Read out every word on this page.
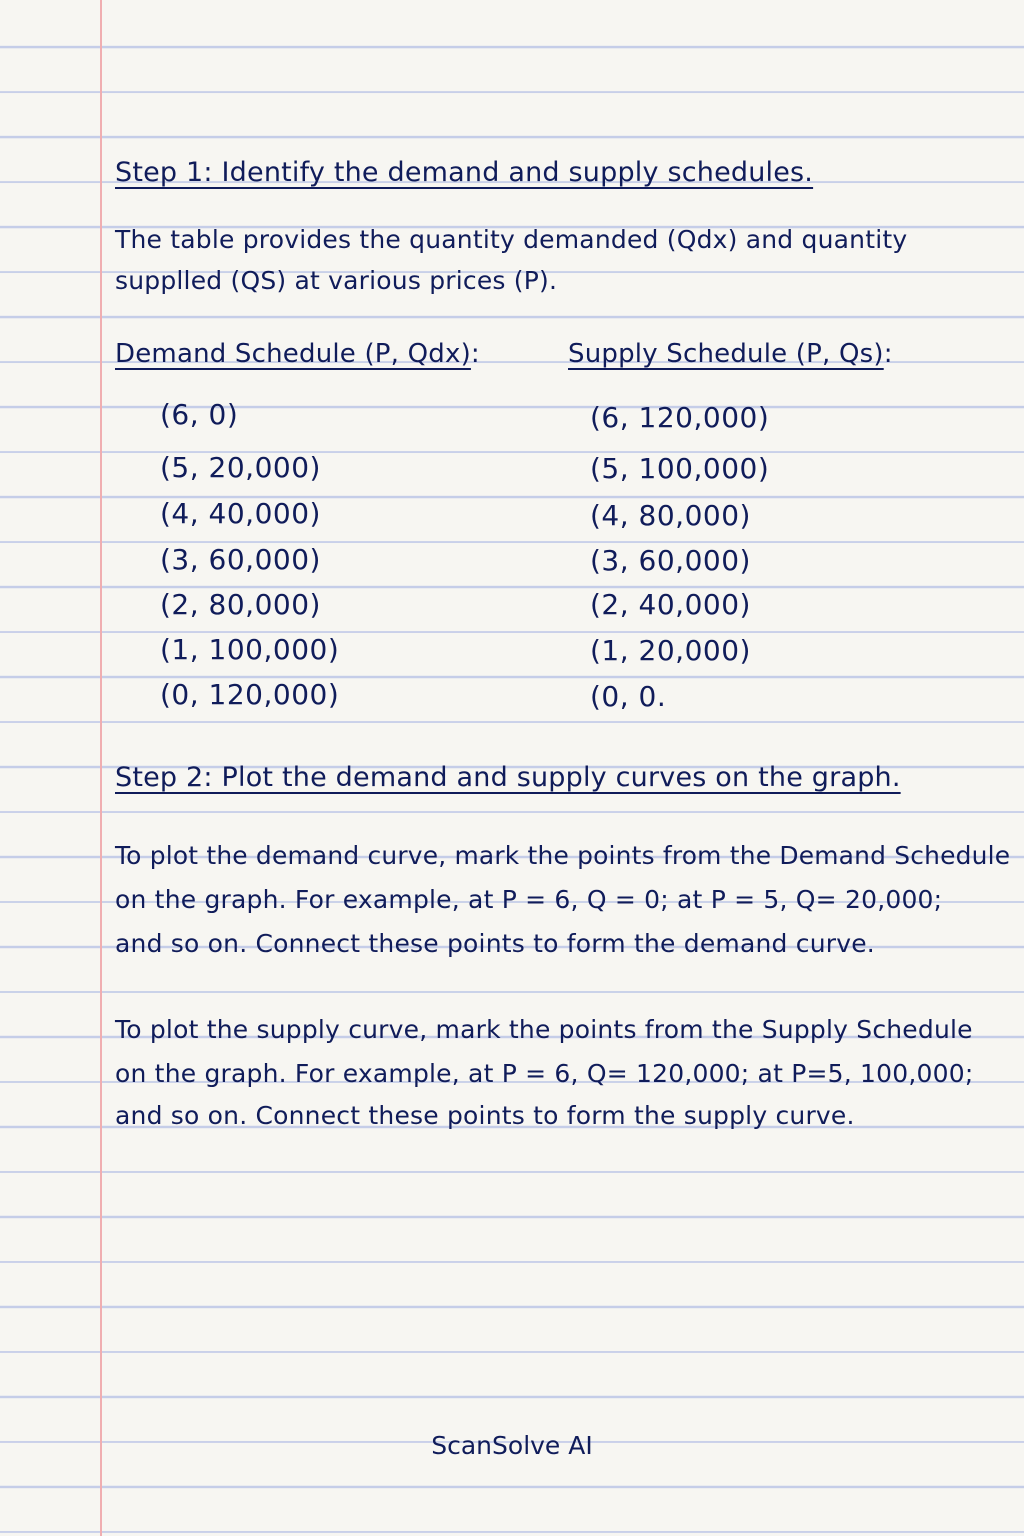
Step 1: Identify the demand and supply schedules.
The table provides the quantity demanded (Qdx) and quantity
supplled (QS) at various prices (P).
Demand Schedule (P, Qdx):	Supply Schedule (P, Qs):
(6, 0)
(5, 20,000)
(4, 40,000)
(3, 60,000)
(2, 80,000)
(1, 100,000)
(0, 120,000)
(6, 120,000)
(5, 100,000)
(4, 80,000)
(3, 60,000)
(2, 40,000)
(1, 20,000)
(0, 0.
Step 2: Plot the demand and supply curves on the graph.
To plot the demand curve, mark the points from the Demand Schedule
on the graph. For example, at P = 6, Q = 0; at P = 5, Q= 20,000;
and so on. Connect these points to form the demand curve.
To plot the supply curve, mark the points from the Supply Schedule
on the graph. For example, at P = 6, Q= 120,000; at P=5, 100,000;
and so on. Connect these points to form the supply curve.
ScanSolve AI
